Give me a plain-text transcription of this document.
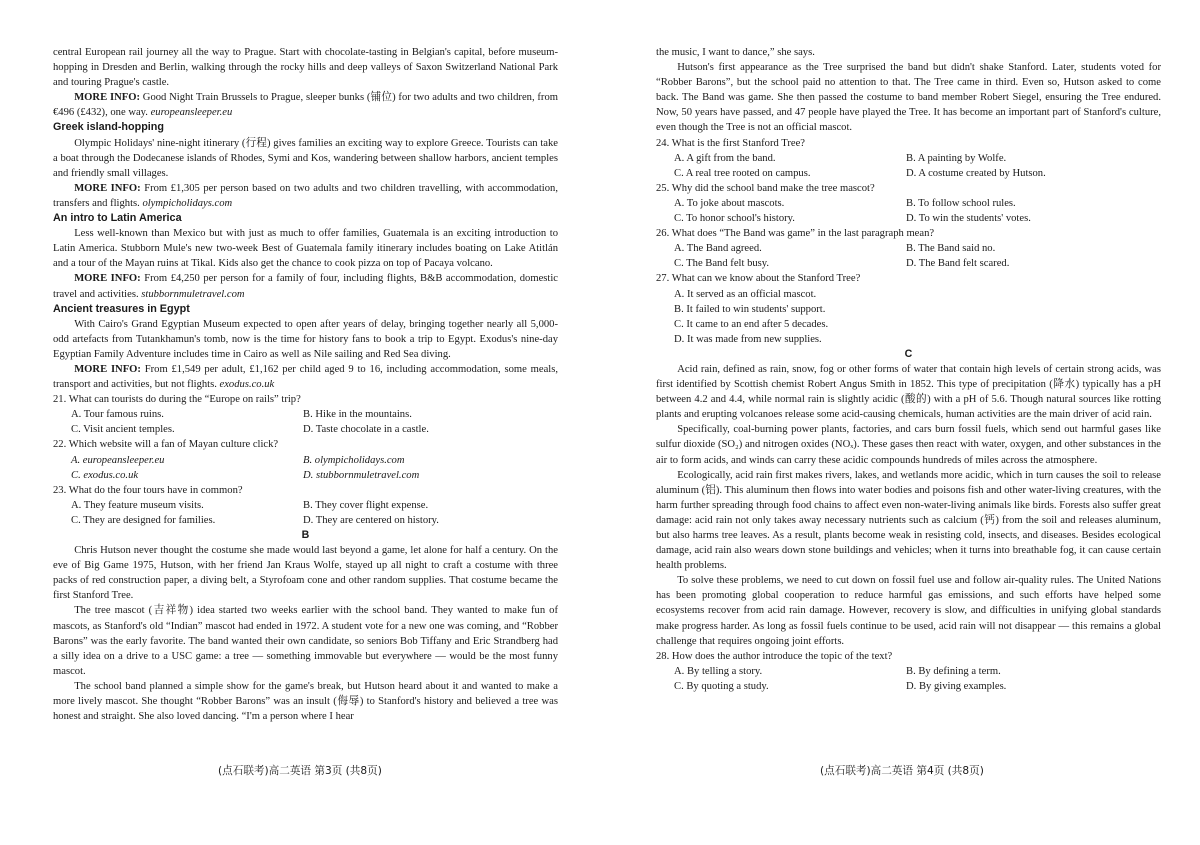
central European rail journey all the way to Prague. Start with chocolate-tasting in Belgian's capital, before museum-hopping in Dresden and Berlin, walking through the rocky hills and deep valleys of Saxon Switzerland National Park and touring Prague's castle.

MORE INFO: Good Night Train Brussels to Prague, sleeper bunks (铺位) for two adults and two children, from €496 (£432), one way. europeansleeper.eu

Greek island-hopping

Olympic Holidays' nine-night itinerary (行程) gives families an exciting way to explore Greece. Tourists can take a boat through the Dodecanese islands of Rhodes, Symi and Kos, wandering between shallow harbors, ancient temples and friendly small villages.

MORE INFO: From £1,305 per person based on two adults and two children travelling, with accommodation, transfers and flights. olympicholidays.com

An intro to Latin America

Less well-known than Mexico but with just as much to offer families, Guatemala is an exciting introduction to Latin America. Stubborn Mule's new two-week Best of Guatemala family itinerary includes boating on Lake Atitlán and a tour of the Mayan ruins at Tikal. Kids also get the chance to cook pizza on top of Pacaya volcano.

MORE INFO: From £4,250 per person for a family of four, including flights, B&B accommodation, domestic travel and activities. stubbornmuletravel.com

Ancient treasures in Egypt

With Cairo's Grand Egyptian Museum expected to open after years of delay, bringing together nearly all 5,000-odd artefacts from Tutankhamun's tomb, now is the time for history fans to book a trip to Egypt. Exodus's nine-day Egyptian Family Adventure includes time in Cairo as well as Nile sailing and Red Sea diving.

MORE INFO: From £1,549 per adult, £1,162 per child aged 9 to 16, including accommodation, some meals, transport and activities, but not flights. exodus.co.uk

21. What can tourists do during the “Europe on rails” trip?

A. Tour famous ruins.	B. Hike in the mountains.
C. Visit ancient temples.	D. Taste chocolate in a castle.

22. Which website will a fan of Mayan culture click?

A. europeansleeper.eu	B. olympicholidays.com
C. exodus.co.uk	D. stubbornmuletravel.com

23. What do the four tours have in common?

A. They feature museum visits.	B. They cover flight expense.
C. They are designed for families.	D. They are centered on history.

B

Chris Hutson never thought the costume she made would last beyond a game, let alone for half a century. On the eve of Big Game 1975, Hutson, with her friend Jan Kraus Wolfe, stayed up all night to craft a costume with three packs of red construction paper, a diving belt, a Styrofoam cone and other random supplies. That costume became the first Stanford Tree.

The tree mascot (吉祥物) idea started two weeks earlier with the school band. They wanted to make fun of mascots, as Stanford's old “Indian” mascot had ended in 1972. A student vote for a new one was coming, and “Robber Barons” was the early favorite. The band wanted their own candidate, so seniors Bob Tiffany and Eric Strandberg had a silly idea on a drive to a USC game: a tree — something immovable but everywhere — would be the most funny mascot.

The school band planned a simple show for the game's break, but Hutson heard about it and wanted to make a more lively mascot. She thought “Robber Barons” was an insult (侮辱) to Stanford's history and believed a tree was honest and straight. She also loved dancing. “I'm a person where I hear

the music, I want to dance,” she says.

Hutson's first appearance as the Tree surprised the band but didn't shake Stanford. Later, students voted for “Robber Barons”, but the school paid no attention to that. The Tree came in third. Even so, Hutson asked to come back. The Band was game. She then passed the costume to band member Robert Siegel, ensuring the Tree endured. Now, 50 years have passed, and 47 people have played the Tree. It has become an important part of Stanford's culture, even though the Tree is not an official mascot.

24. What is the first Stanford Tree?

A. A gift from the band.	B. A painting by Wolfe.
C. A real tree rooted on campus.	D. A costume created by Hutson.

25. Why did the school band make the tree mascot?

A. To joke about mascots.	B. To follow school rules.
C. To honor school's history.	D. To win the students' votes.

26. What does “The Band was game” in the last paragraph mean?

A. The Band agreed.	B. The Band said no.
C. The Band felt busy.	D. The Band felt scared.

27. What can we know about the Stanford Tree?

A. It served as an official mascot.

B. It failed to win students' support.

C. It came to an end after 5 decades.

D. It was made from new supplies.

C

Acid rain, defined as rain, snow, fog or other forms of water that contain high levels of certain strong acids, was first identified by Scottish chemist Robert Angus Smith in 1852. This type of precipitation (降水) typically has a pH between 4.2 and 4.4, while normal rain is slightly acidic (酸的) with a pH of 5.6. Though natural sources like rotting plants and erupting volcanoes release some acid-causing chemicals, human activities are the main driver of acid rain.

Specifically, coal-burning power plants, factories, and cars burn fossil fuels, which send out harmful gases like sulfur dioxide (SO₂) and nitrogen oxides (NOₓ). These gases then react with water, oxygen, and other substances in the air to form acids, and winds can carry these acidic compounds hundreds of miles across the atmosphere.

Ecologically, acid rain first makes rivers, lakes, and wetlands more acidic, which in turn causes the soil to release aluminum (铝). This aluminum then flows into water bodies and poisons fish and other water-living creatures, with the harm further spreading through food chains to affect even non-water-living animals like birds. Forests also suffer great damage: acid rain not only takes away necessary nutrients such as calcium (钙) from the soil and releases aluminum, but also harms tree leaves. As a result, plants become weak in resisting cold, insects, and diseases. Besides ecological damage, acid rain also wears down stone buildings and vehicles; when it turns into breathable fog, it can cause certain health problems.

To solve these problems, we need to cut down on fossil fuel use and follow air-quality rules. The United Nations has been promoting global cooperation to reduce harmful gas emissions, and such efforts have helped some ecosystems recover from acid rain damage. However, recovery is slow, and difficulties in unifying global standards make progress harder. As long as fossil fuels continue to be used, acid rain will not disappear — this remains a global challenge that requires ongoing joint efforts.

28. How does the author introduce the topic of the text?

A. By telling a story.	B. By defining a term.
C. By quoting a study.	D. By giving examples.
(点石联考)高二英语 第3页 (共8页)	(点石联考)高二英语 第4页 (共8页)
